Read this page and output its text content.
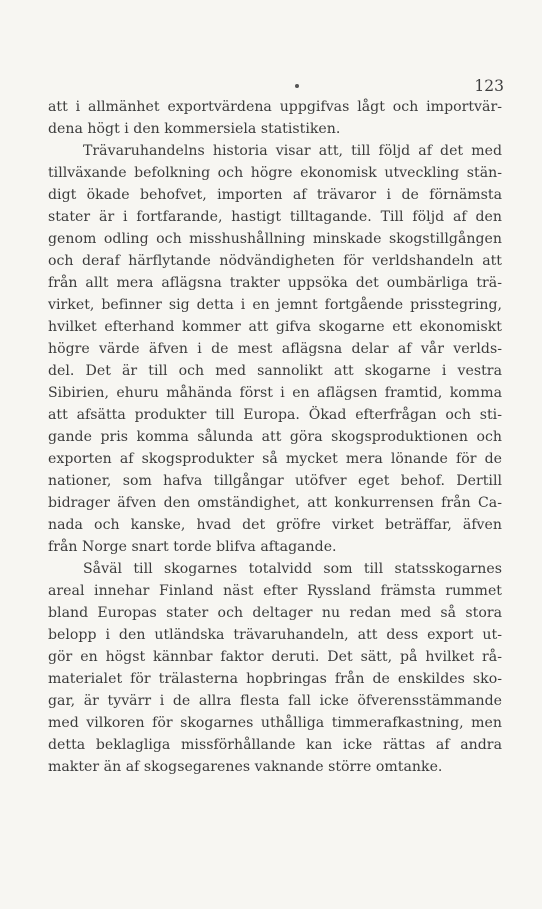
123
att i allmänhet exportvärdena uppgifvas lågt och importvär-
dena högt i den kommersiela statistiken.
Trävaruhandelns historia visar att, till följd af det med
tillväxande befolkning och högre ekonomisk utveckling stän-
digt ökade behofvet, importen af trävaror i de förnämsta
stater är i fortfarande, hastigt tilltagande. Till följd af den
genom odling och misshushållning minskade skogstillgången
och deraf härflytande nödvändigheten för verldshandeln att
från allt mera aflägsna trakter uppsöka det oumbärliga trä-
virket, befinner sig detta i en jemnt fortgående prisstegring,
hvilket efterhand kommer att gifva skogarne ett ekonomiskt
högre värde äfven i de mest aflägsna delar af vår verlds-
del. Det är till och med sannolikt att skogarne i vestra
Sibirien, ehuru måhända först i en aflägsen framtid, komma
att afsätta produkter till Europa. Ökad efterfrågan och sti-
gande pris komma sålunda att göra skogsproduktionen och
exporten af skogsprodukter så mycket mera lönande för de
nationer, som hafva tillgångar utöfver eget behof. Dertill
bidrager äfven den omständighet, att konkurrensen från Ca-
nada och kanske, hvad det gröfre virket beträffar, äfven
från Norge snart torde blifva aftagande.
Såväl till skogarnes totalvidd som till statsskogarnes
areal innehar Finland näst efter Ryssland främsta rummet
bland Europas stater och deltager nu redan med så stora
belopp i den utländska trävaruhandeln, att dess export ut-
gör en högst kännbar faktor deruti. Det sätt, på hvilket rå-
materialet för trälasterna hopbringas från de enskildes sko-
gar, är tyvärr i de allra flesta fall icke öfverensstämmande
med vilkoren för skogarnes uthålliga timmerafkastning, men
detta beklagliga missförhållande kan icke rättas af andra
makter än af skogsegarenes vaknande större omtanke.
